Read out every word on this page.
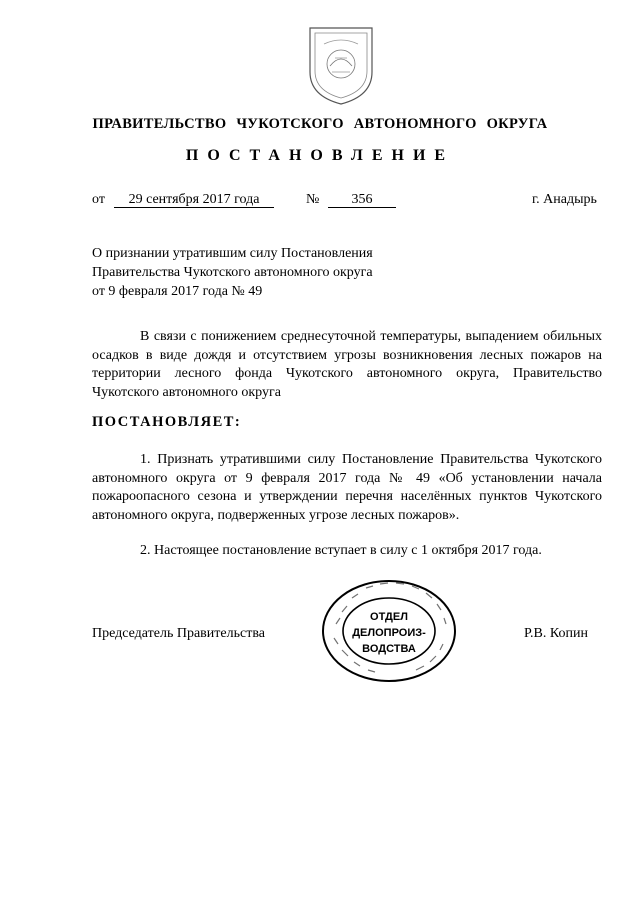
ПРАВИТЕЛЬСТВО ЧУКОТСКОГО АВТОНОМНОГО ОКРУГА
ПОСТАНОВЛЕНИЕ
от	29 сентября 2017 года	№	356	г. Анадырь
О признании утратившим силу Постановления
Правительства Чукотского автономного округа
от 9 февраля 2017 года № 49
В связи с понижением среднесуточной температуры, выпадением обильных осадков в виде дождя и отсутствием угрозы возникновения лесных пожаров на территории лесного фонда Чукотского автономного округа, Правительство Чукотского автономного округа
ПОСТАНОВЛЯЕТ:
1. Признать утратившими силу Постановление Правительства Чукотского автономного округа от 9 февраля 2017 года № 49 «Об установлении начала пожароопасного сезона и утверждении перечня населённых пунктов Чукотского автономного округа, подверженных угрозе лесных пожаров».
2. Настоящее постановление вступает в силу с 1 октября 2017 года.
Председатель Правительства	Р.В. Копин
ОТДЕЛ
ДЕЛОПРОИЗ-
ВОДСТВА
